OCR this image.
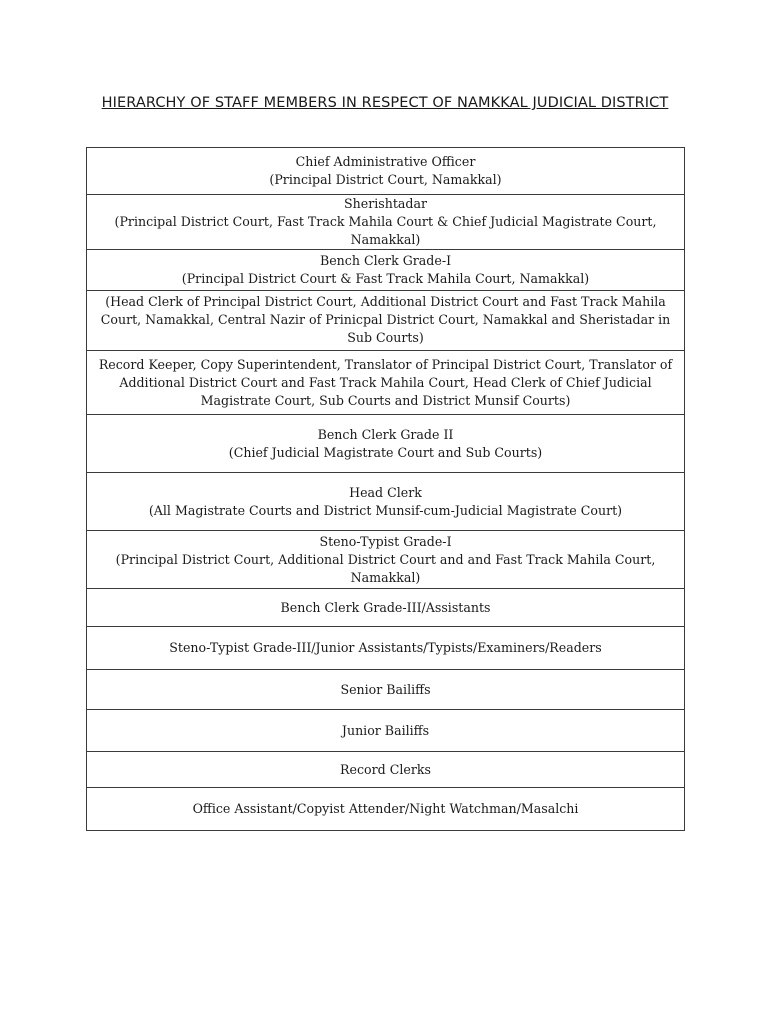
HIERARCHY OF STAFF MEMBERS IN RESPECT OF NAMKKAL JUDICIAL DISTRICT
Chief Administrative Officer
(Principal District Court, Namakkal)

Sherishtadar
(Principal District Court, Fast Track Mahila Court & Chief Judicial Magistrate Court, Namakkal)

Bench Clerk Grade-I
(Principal District Court & Fast Track Mahila Court, Namakkal)

(Head Clerk of Principal District Court, Additional District Court and Fast Track Mahila Court, Namakkal, Central Nazir of Prinicpal District Court, Namakkal and Sheristadar in Sub Courts)

Record Keeper, Copy Superintendent, Translator of Principal District Court, Translator of Additional District Court and Fast Track Mahila Court, Head Clerk of Chief Judicial Magistrate Court, Sub Courts and District Munsif Courts)

Bench Clerk Grade II
(Chief Judicial Magistrate Court and Sub Courts)

Head Clerk
(All Magistrate Courts and District Munsif-cum-Judicial Magistrate Court)

Steno-Typist Grade-I
(Principal District Court, Additional District Court and and Fast Track Mahila Court, Namakkal)

Bench Clerk Grade-III/Assistants

Steno-Typist Grade-III/Junior Assistants/Typists/Examiners/Readers

Senior Bailiffs

Junior Bailiffs

Record Clerks

Office Assistant/Copyist Attender/Night Watchman/Masalchi
